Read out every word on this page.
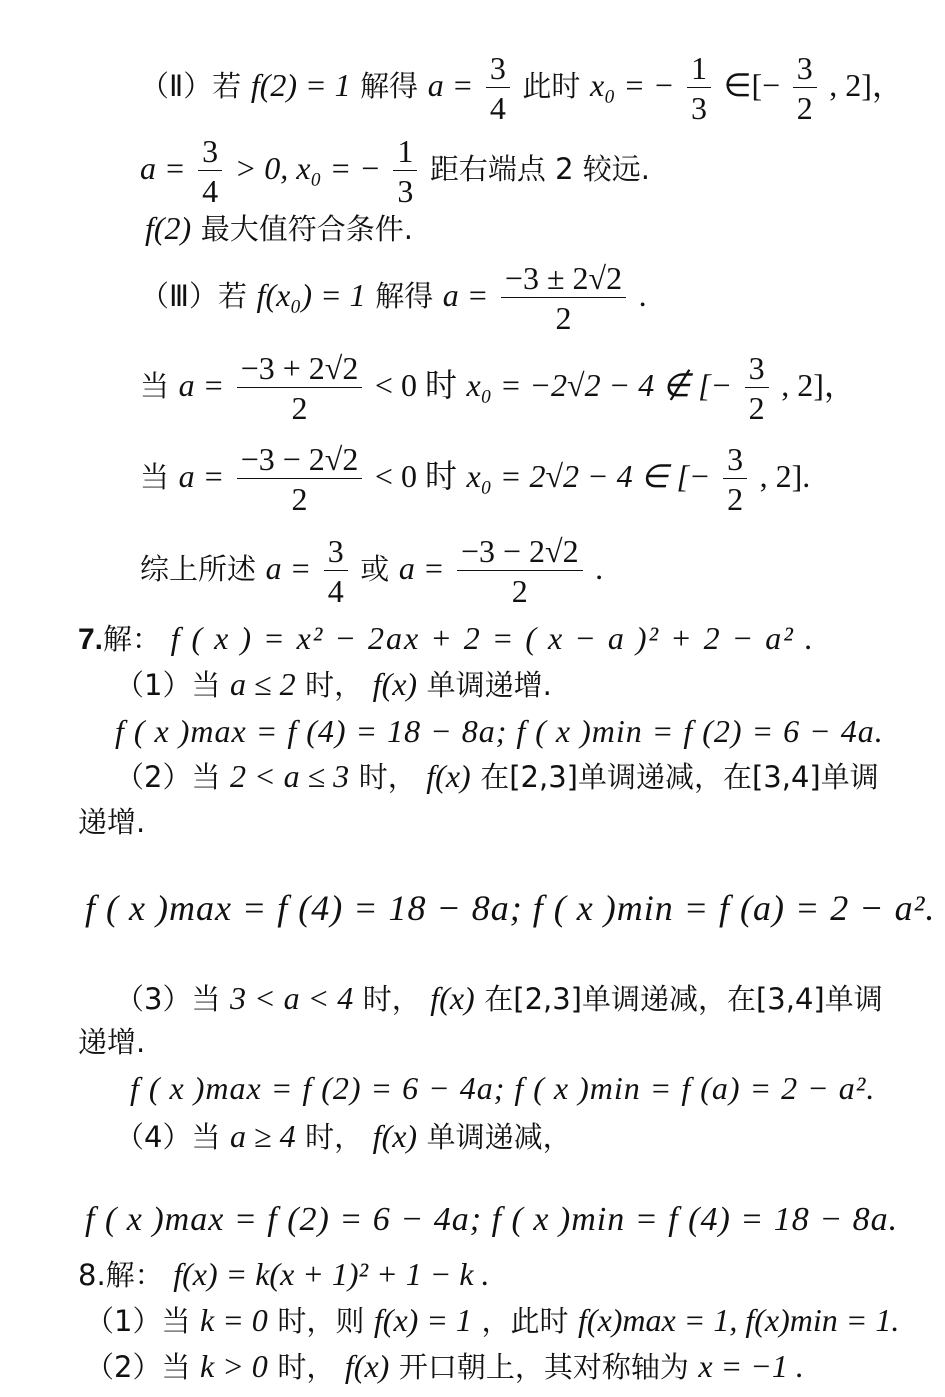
（Ⅱ）若 f(2) = 1 解得 $a = \frac{3}{4}$ 此时 x₀ = − $\frac{1}{3}$ ∈[− $\frac{3}{2}$ , 2]，
$a = \frac{3}{4} > 0$, x₀ = − $\frac{1}{3}$ 距右端点 2 较远.
f(2) 最大值符合条件.
（Ⅲ）若 f(x₀) = 1 解得 $a = \frac{-3 \pm 2√2}{2}$ .
当 $a = \frac{-3 + 2√2}{2} < 0$ 时 x₀ = −2√2 − 4 ∉ [− $\frac{3}{2}$ , 2]，
当 $a = \frac{-3 - 2√2}{2} < 0$ 时 x₀ = 2√2 − 4 ∈ [− $\frac{3}{2}$ , 2].
综上所述 $a = \frac{3}{4}$ 或 $a = \frac{-3 - 2√2}{2}$ .
7.解： f ( x ) = x² − 2ax + 2 = ( x − a )² + 2 − a² .
（1）当 a ≤ 2 时， f(x) 单调递增.
f ( x )max = f (4) = 18 − 8a; f ( x )min = f (2) = 6 − 4a.
（2）当 2 < a ≤ 3 时， f(x) 在[2,3]单调递减，在[3,4]单调
递增.
f ( x )max = f (4) = 18 − 8a; f ( x )min = f (a) = 2 − a².
（3）当 3 < a < 4 时， f(x) 在[2,3]单调递减，在[3,4]单调
递增.
f ( x )max = f (2) = 6 − 4a; f ( x )min = f (a) = 2 − a².
（4）当 a ≥ 4 时， f(x) 单调递减，
f ( x )max = f (2) = 6 − 4a; f ( x )min = f (4) = 18 − 8a.
8.解： f(x) = k(x + 1)² + 1 − k .
（1）当 k = 0 时，则 f(x) = 1 ，此时 f(x)max = 1, f(x)min = 1.
（2）当 k > 0 时， f(x) 开口朝上，其对称轴为 x = −1 .
